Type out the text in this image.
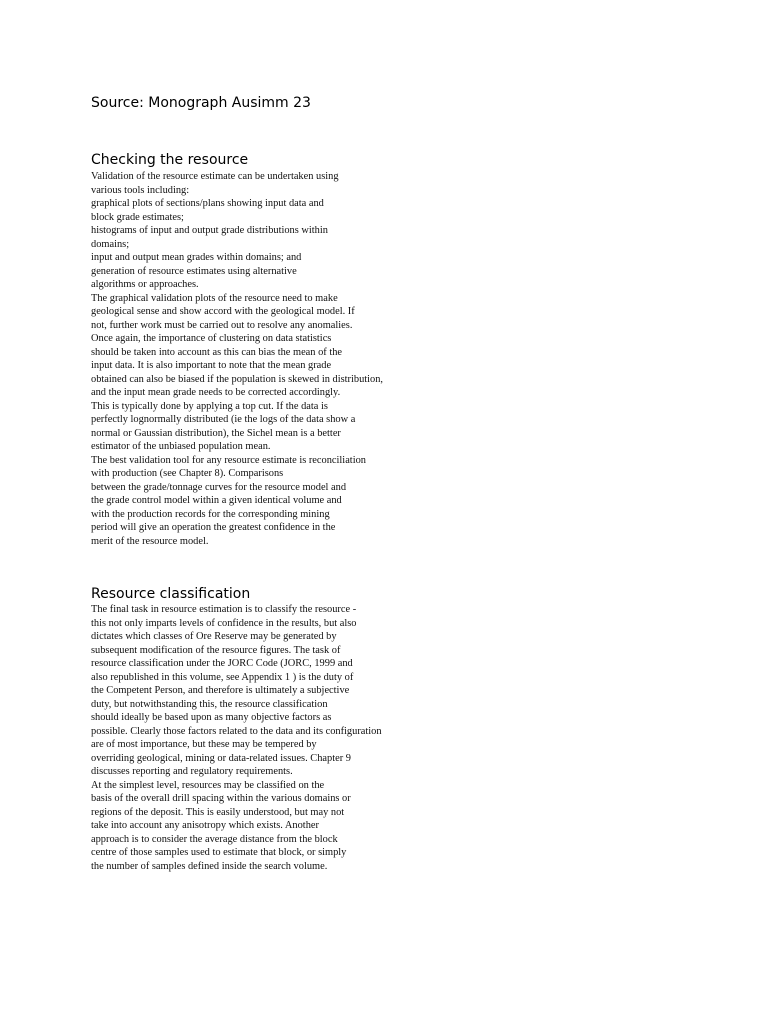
Source: Monograph Ausimm 23
Checking the resource
Validation of the resource estimate can be undertaken using
various tools including:
graphical plots of sections/plans showing input data and
block grade estimates;
histograms of input and output grade distributions within
domains;
input and output mean grades within domains; and
generation of resource estimates using alternative
algorithms or approaches.
The graphical validation plots of the resource need to make
geological sense and show accord with the geological model. If
not, further work must be carried out to resolve any anomalies.
Once again, the importance of clustering on data statistics
should be taken into account as this can bias the mean of the
input data. It is also important to note that the mean grade
obtained can also be biased if the population is skewed in distribution,
and the input mean grade needs to be corrected accordingly.
This is typically done by applying a top cut. If the data is
perfectly lognormally distributed (ie the logs of the data show a
normal or Gaussian distribution), the Sichel mean is a better
estimator of the unbiased population mean.
The best validation tool for any resource estimate is reconciliation
with production (see Chapter 8). Comparisons
between the grade/tonnage curves for the resource model and
the grade control model within a given identical volume and
with the production records for the corresponding mining
period will give an operation the greatest confidence in the
merit of the resource model.
Resource classification
The final task in resource estimation is to classify the resource -
this not only imparts levels of confidence in the results, but also
dictates which classes of Ore Reserve may be generated by
subsequent modification of the resource figures. The task of
resource classification under the JORC Code (JORC, 1999 and
also republished in this volume, see Appendix 1 ) is the duty of
the Competent Person, and therefore is ultimately a subjective
duty, but notwithstanding this, the resource classification
should ideally be based upon as many objective factors as
possible. Clearly those factors related to the data and its configuration
are of most importance, but these may be tempered by
overriding geological, mining or data-related issues. Chapter 9
discusses reporting and regulatory requirements.
At the simplest level, resources may be classified on the
basis of the overall drill spacing within the various domains or
regions of the deposit. This is easily understood, but may not
take into account any anisotropy which exists. Another
approach is to consider the average distance from the block
centre of those samples used to estimate that block, or simply
the number of samples defined inside the search volume.
